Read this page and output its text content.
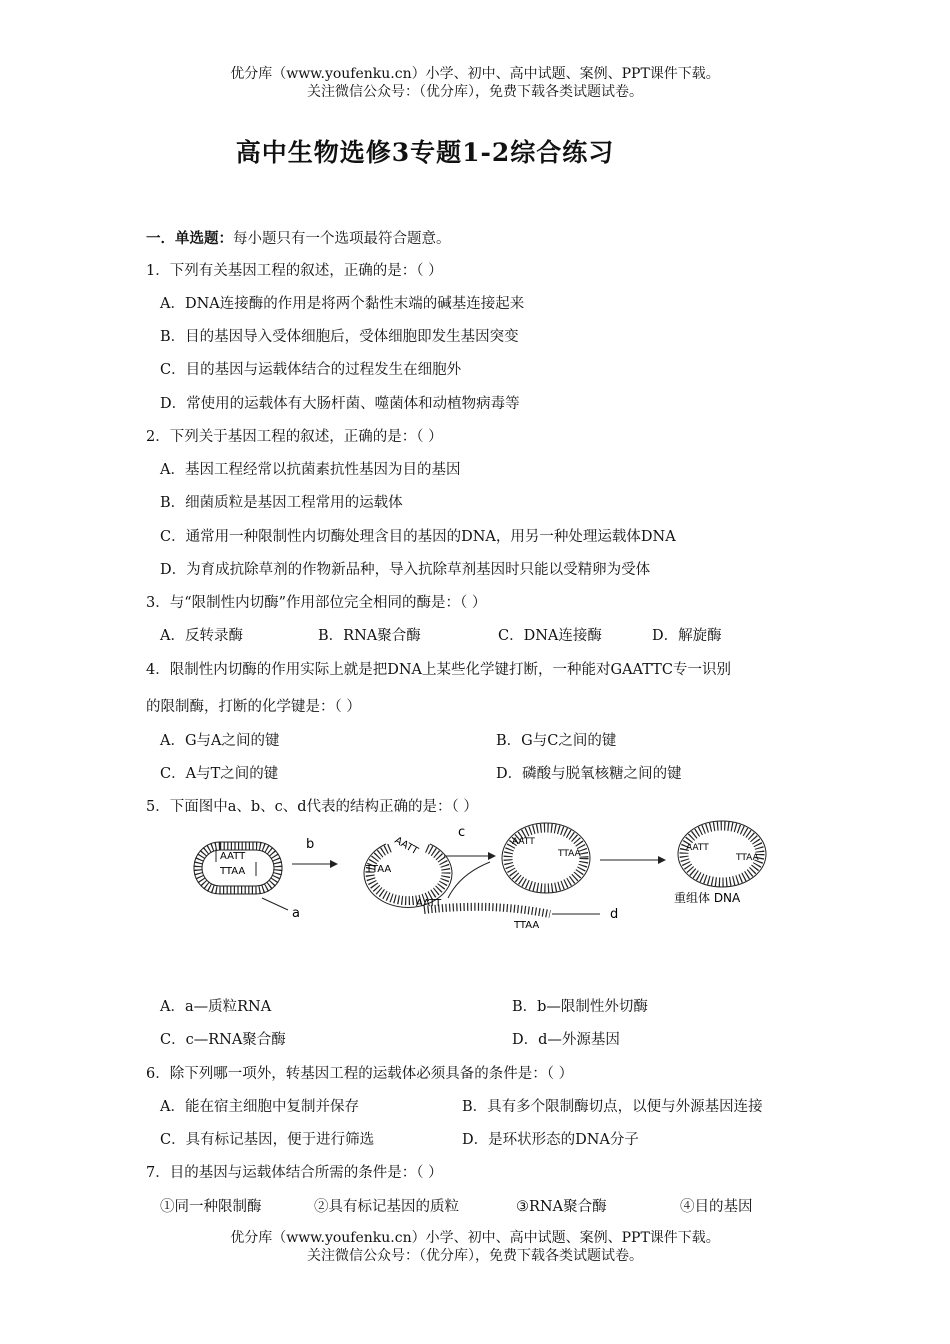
优分库（www.youfenku.cn）小学、初中、高中试题、案例、PPT课件下载。
关注微信公众号：（优分库），免费下载各类试题试卷。
高中生物选修3专题1-2综合练习
一．单选题：每小题只有一个选项最符合题意。
1．下列有关基因工程的叙述，正确的是：（ ）
A．DNA连接酶的作用是将两个黏性末端的碱基连接起来
B．目的基因导入受体细胞后，受体细胞即发生基因突变
C．目的基因与运载体结合的过程发生在细胞外
D．常使用的运载体有大肠杆菌、噬菌体和动植物病毒等
2．下列关于基因工程的叙述，正确的是：（ ）
A．基因工程经常以抗菌素抗性基因为目的基因
B．细菌质粒是基因工程常用的运载体
C．通常用一种限制性内切酶处理含目的基因的DNA，用另一种处理运载体DNA
D．为育成抗除草剂的作物新品种，导入抗除草剂基因时只能以受精卵为受体
3．与“限制性内切酶”作用部位完全相同的酶是：（ ）
A．反转录酶	B．RNA聚合酶	C．DNA连接酶	D．解旋酶
4．限制性内切酶的作用实际上就是把DNA上某些化学键打断，一种能对GAATTC专一识别
的限制酶，打断的化学键是：（ ）
A．G与A之间的键	B．G与C之间的键
C．A与T之间的键	D．磷酸与脱氧核糖之间的键
5．下面图中a、b、c、d代表的结构正确的是：（ ）
AATT
TTAA
a
b
TTAA
AATT
c
AATT
TTAA
AATT
TTAA
重组体 DNA
AATT
TTAA
d
A．a—质粒RNA	B．b—限制性外切酶
C．c—RNA聚合酶	D．d—外源基因
6．除下列哪一项外，转基因工程的运载体必须具备的条件是：（ ）
A．能在宿主细胞中复制并保存	B．具有多个限制酶切点，以便与外源基因连接
C．具有标记基因，便于进行筛选	D．是环状形态的DNA分子
7．目的基因与运载体结合所需的条件是：（ ）
①同一种限制酶	②具有标记基因的质粒	③RNA聚合酶	④目的基因
优分库（www.youfenku.cn）小学、初中、高中试题、案例、PPT课件下载。
关注微信公众号：（优分库），免费下载各类试题试卷。
